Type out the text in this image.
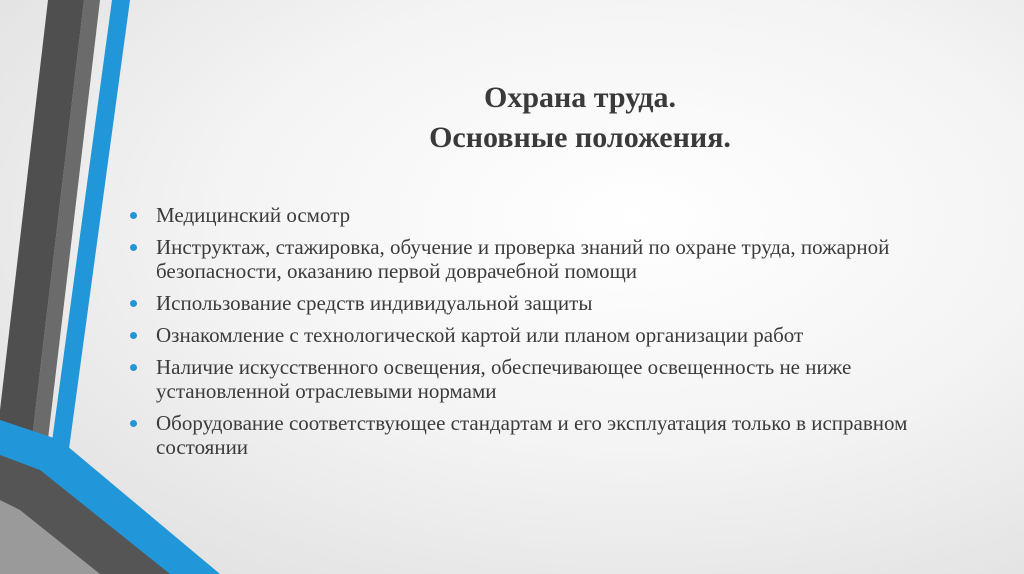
Охрана труда.
Основные положения.
Медицинский осмотр
Инструктаж, стажировка, обучение и проверка знаний по охране труда, пожарной безопасности, оказанию первой доврачебной помощи
Использование средств индивидуальной защиты
Ознакомление с технологической картой или планом организации работ
Наличие искусственного освещения, обеспечивающее освещенность не ниже установленной отраслевыми нормами
Оборудование соответствующее стандартам и его эксплуатация только в исправном состоянии
